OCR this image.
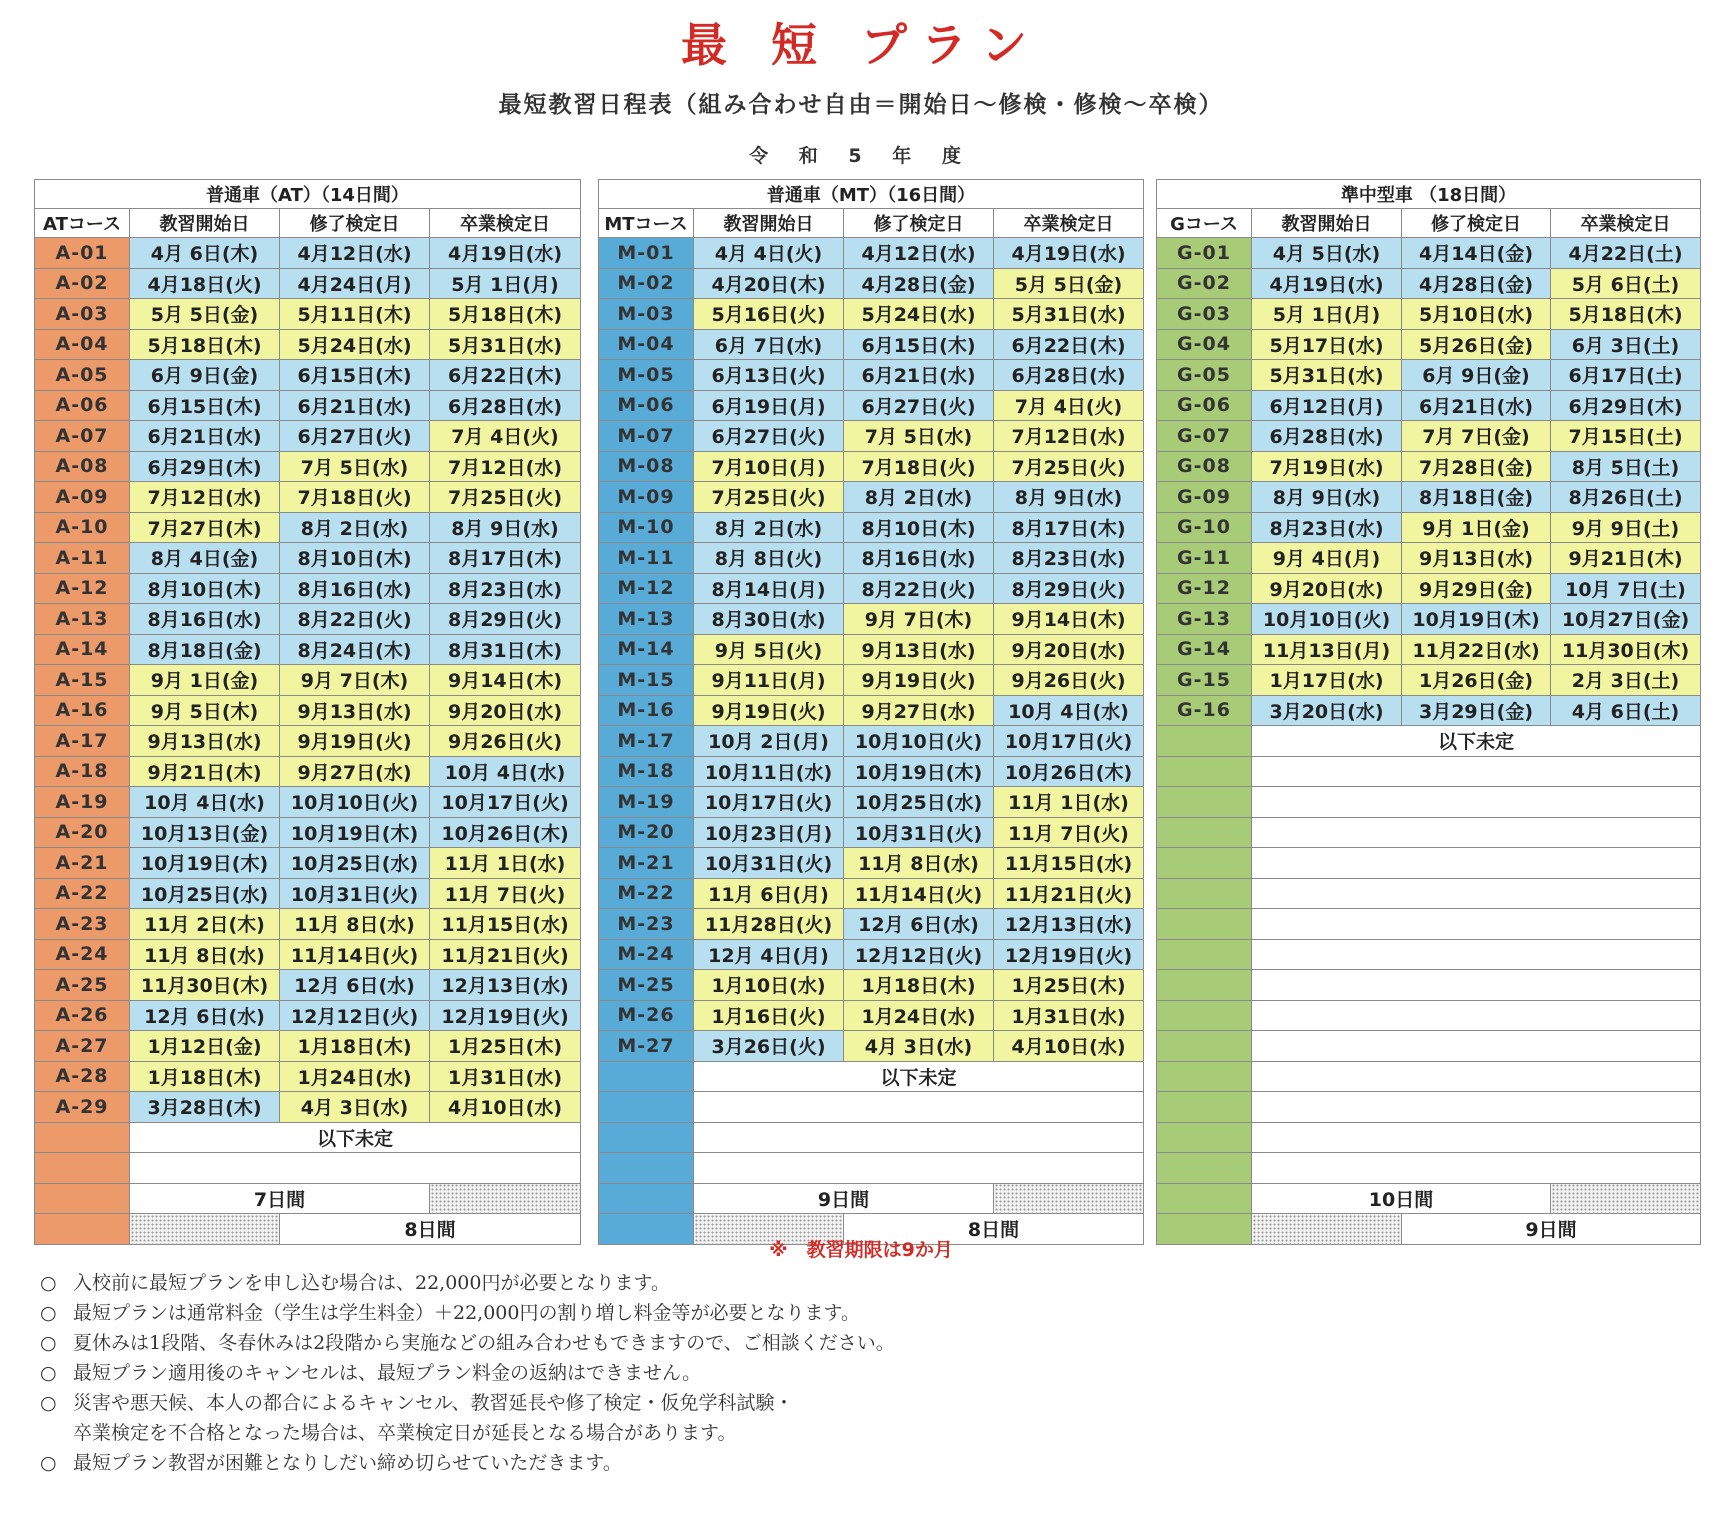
最 短 プラン
最短教習日程表（組み合わせ自由＝開始日～修検・修検～卒検）
令 和 5 年 度
普通車（AT）（14日間）			
ATコース	教習開始日	修了検定日	卒業検定日
A-01	4月 6日(木)	4月12日(水)	4月19日(水)
A-02	4月18日(火)	4月24日(月)	5月 1日(月)
A-03	5月 5日(金)	5月11日(木)	5月18日(木)
A-04	5月18日(木)	5月24日(水)	5月31日(水)
A-05	6月 9日(金)	6月15日(木)	6月22日(木)
A-06	6月15日(木)	6月21日(水)	6月28日(水)
A-07	6月21日(水)	6月27日(火)	7月 4日(火)
A-08	6月29日(木)	7月 5日(水)	7月12日(水)
A-09	7月12日(水)	7月18日(火)	7月25日(火)
A-10	7月27日(木)	8月 2日(水)	8月 9日(水)
A-11	8月 4日(金)	8月10日(木)	8月17日(木)
A-12	8月10日(木)	8月16日(水)	8月23日(水)
A-13	8月16日(水)	8月22日(火)	8月29日(火)
A-14	8月18日(金)	8月24日(木)	8月31日(木)
A-15	9月 1日(金)	9月 7日(木)	9月14日(木)
A-16	9月 5日(木)	9月13日(水)	9月20日(水)
A-17	9月13日(水)	9月19日(火)	9月26日(火)
A-18	9月21日(木)	9月27日(水)	10月 4日(水)
A-19	10月 4日(水)	10月10日(火)	10月17日(火)
A-20	10月13日(金)	10月19日(木)	10月26日(木)
A-21	10月19日(木)	10月25日(水)	11月 1日(水)
A-22	10月25日(水)	10月31日(火)	11月 7日(火)
A-23	11月 2日(木)	11月 8日(水)	11月15日(水)
A-24	11月 8日(水)	11月14日(火)	11月21日(火)
A-25	11月30日(木)	12月 6日(水)	12月13日(水)
A-26	12月 6日(水)	12月12日(火)	12月19日(火)
A-27	1月12日(金)	1月18日(木)	1月25日(木)
A-28	1月18日(木)	1月24日(水)	1月31日(水)
A-29	3月28日(木)	4月 3日(水)	4月10日(水)
	以下未定		

	7日間		
		8日間	
普通車（MT）（16日間）			
MTコース	教習開始日	修了検定日	卒業検定日
M-01	4月 4日(火)	4月12日(水)	4月19日(水)
M-02	4月20日(木)	4月28日(金)	5月 5日(金)
M-03	5月16日(火)	5月24日(水)	5月31日(水)
M-04	6月 7日(水)	6月15日(木)	6月22日(木)
M-05	6月13日(火)	6月21日(水)	6月28日(水)
M-06	6月19日(月)	6月27日(火)	7月 4日(火)
M-07	6月27日(火)	7月 5日(水)	7月12日(水)
M-08	7月10日(月)	7月18日(火)	7月25日(火)
M-09	7月25日(火)	8月 2日(水)	8月 9日(水)
M-10	8月 2日(水)	8月10日(木)	8月17日(木)
M-11	8月 8日(火)	8月16日(水)	8月23日(水)
M-12	8月14日(月)	8月22日(火)	8月29日(火)
M-13	8月30日(水)	9月 7日(木)	9月14日(木)
M-14	9月 5日(火)	9月13日(水)	9月20日(水)
M-15	9月11日(月)	9月19日(火)	9月26日(火)
M-16	9月19日(火)	9月27日(水)	10月 4日(水)
M-17	10月 2日(月)	10月10日(火)	10月17日(火)
M-18	10月11日(水)	10月19日(木)	10月26日(木)
M-19	10月17日(火)	10月25日(水)	11月 1日(水)
M-20	10月23日(月)	10月31日(火)	11月 7日(火)
M-21	10月31日(火)	11月 8日(水)	11月15日(水)
M-22	11月 6日(月)	11月14日(火)	11月21日(火)
M-23	11月28日(火)	12月 6日(水)	12月13日(水)
M-24	12月 4日(月)	12月12日(火)	12月19日(火)
M-25	1月10日(水)	1月18日(木)	1月25日(木)
M-26	1月16日(火)	1月24日(水)	1月31日(水)
M-27	3月26日(火)	4月 3日(水)	4月10日(水)
	以下未定		

	9日間		
		8日間	
準中型車 （18日間）			
Gコース	教習開始日	修了検定日	卒業検定日
G-01	4月 5日(水)	4月14日(金)	4月22日(土)
G-02	4月19日(水)	4月28日(金)	5月 6日(土)
G-03	5月 1日(月)	5月10日(水)	5月18日(木)
G-04	5月17日(水)	5月26日(金)	6月 3日(土)
G-05	5月31日(水)	6月 9日(金)	6月17日(土)
G-06	6月12日(月)	6月21日(水)	6月29日(木)
G-07	6月28日(水)	7月 7日(金)	7月15日(土)
G-08	7月19日(水)	7月28日(金)	8月 5日(土)
G-09	8月 9日(水)	8月18日(金)	8月26日(土)
G-10	8月23日(水)	9月 1日(金)	9月 9日(土)
G-11	9月 4日(月)	9月13日(水)	9月21日(木)
G-12	9月20日(水)	9月29日(金)	10月 7日(土)
G-13	10月10日(火)	10月19日(木)	10月27日(金)
G-14	11月13日(月)	11月22日(水)	11月30日(木)
G-15	1月17日(水)	1月26日(金)	2月 3日(土)
G-16	3月20日(水)	3月29日(金)	4月 6日(土)
	以下未定		

	10日間		
		9日間	
※　教習期限は9か月
○ 入校前に最短プランを申し込む場合は、22,000円が必要となります。
○ 最短プランは通常料金（学生は学生料金）＋22,000円の割り増し料金等が必要となります。
○ 夏休みは1段階、冬春休みは2段階から実施などの組み合わせもできますので、ご相談ください。
○ 最短プラン適用後のキャンセルは、最短プラン料金の返納はできません。
○ 災害や悪天候、本人の都合によるキャンセル、教習延長や修了検定・仮免学科試験・
卒業検定を不合格となった場合は、卒業検定日が延長となる場合があります。
○ 最短プラン教習が困難となりしだい締め切らせていただきます。
